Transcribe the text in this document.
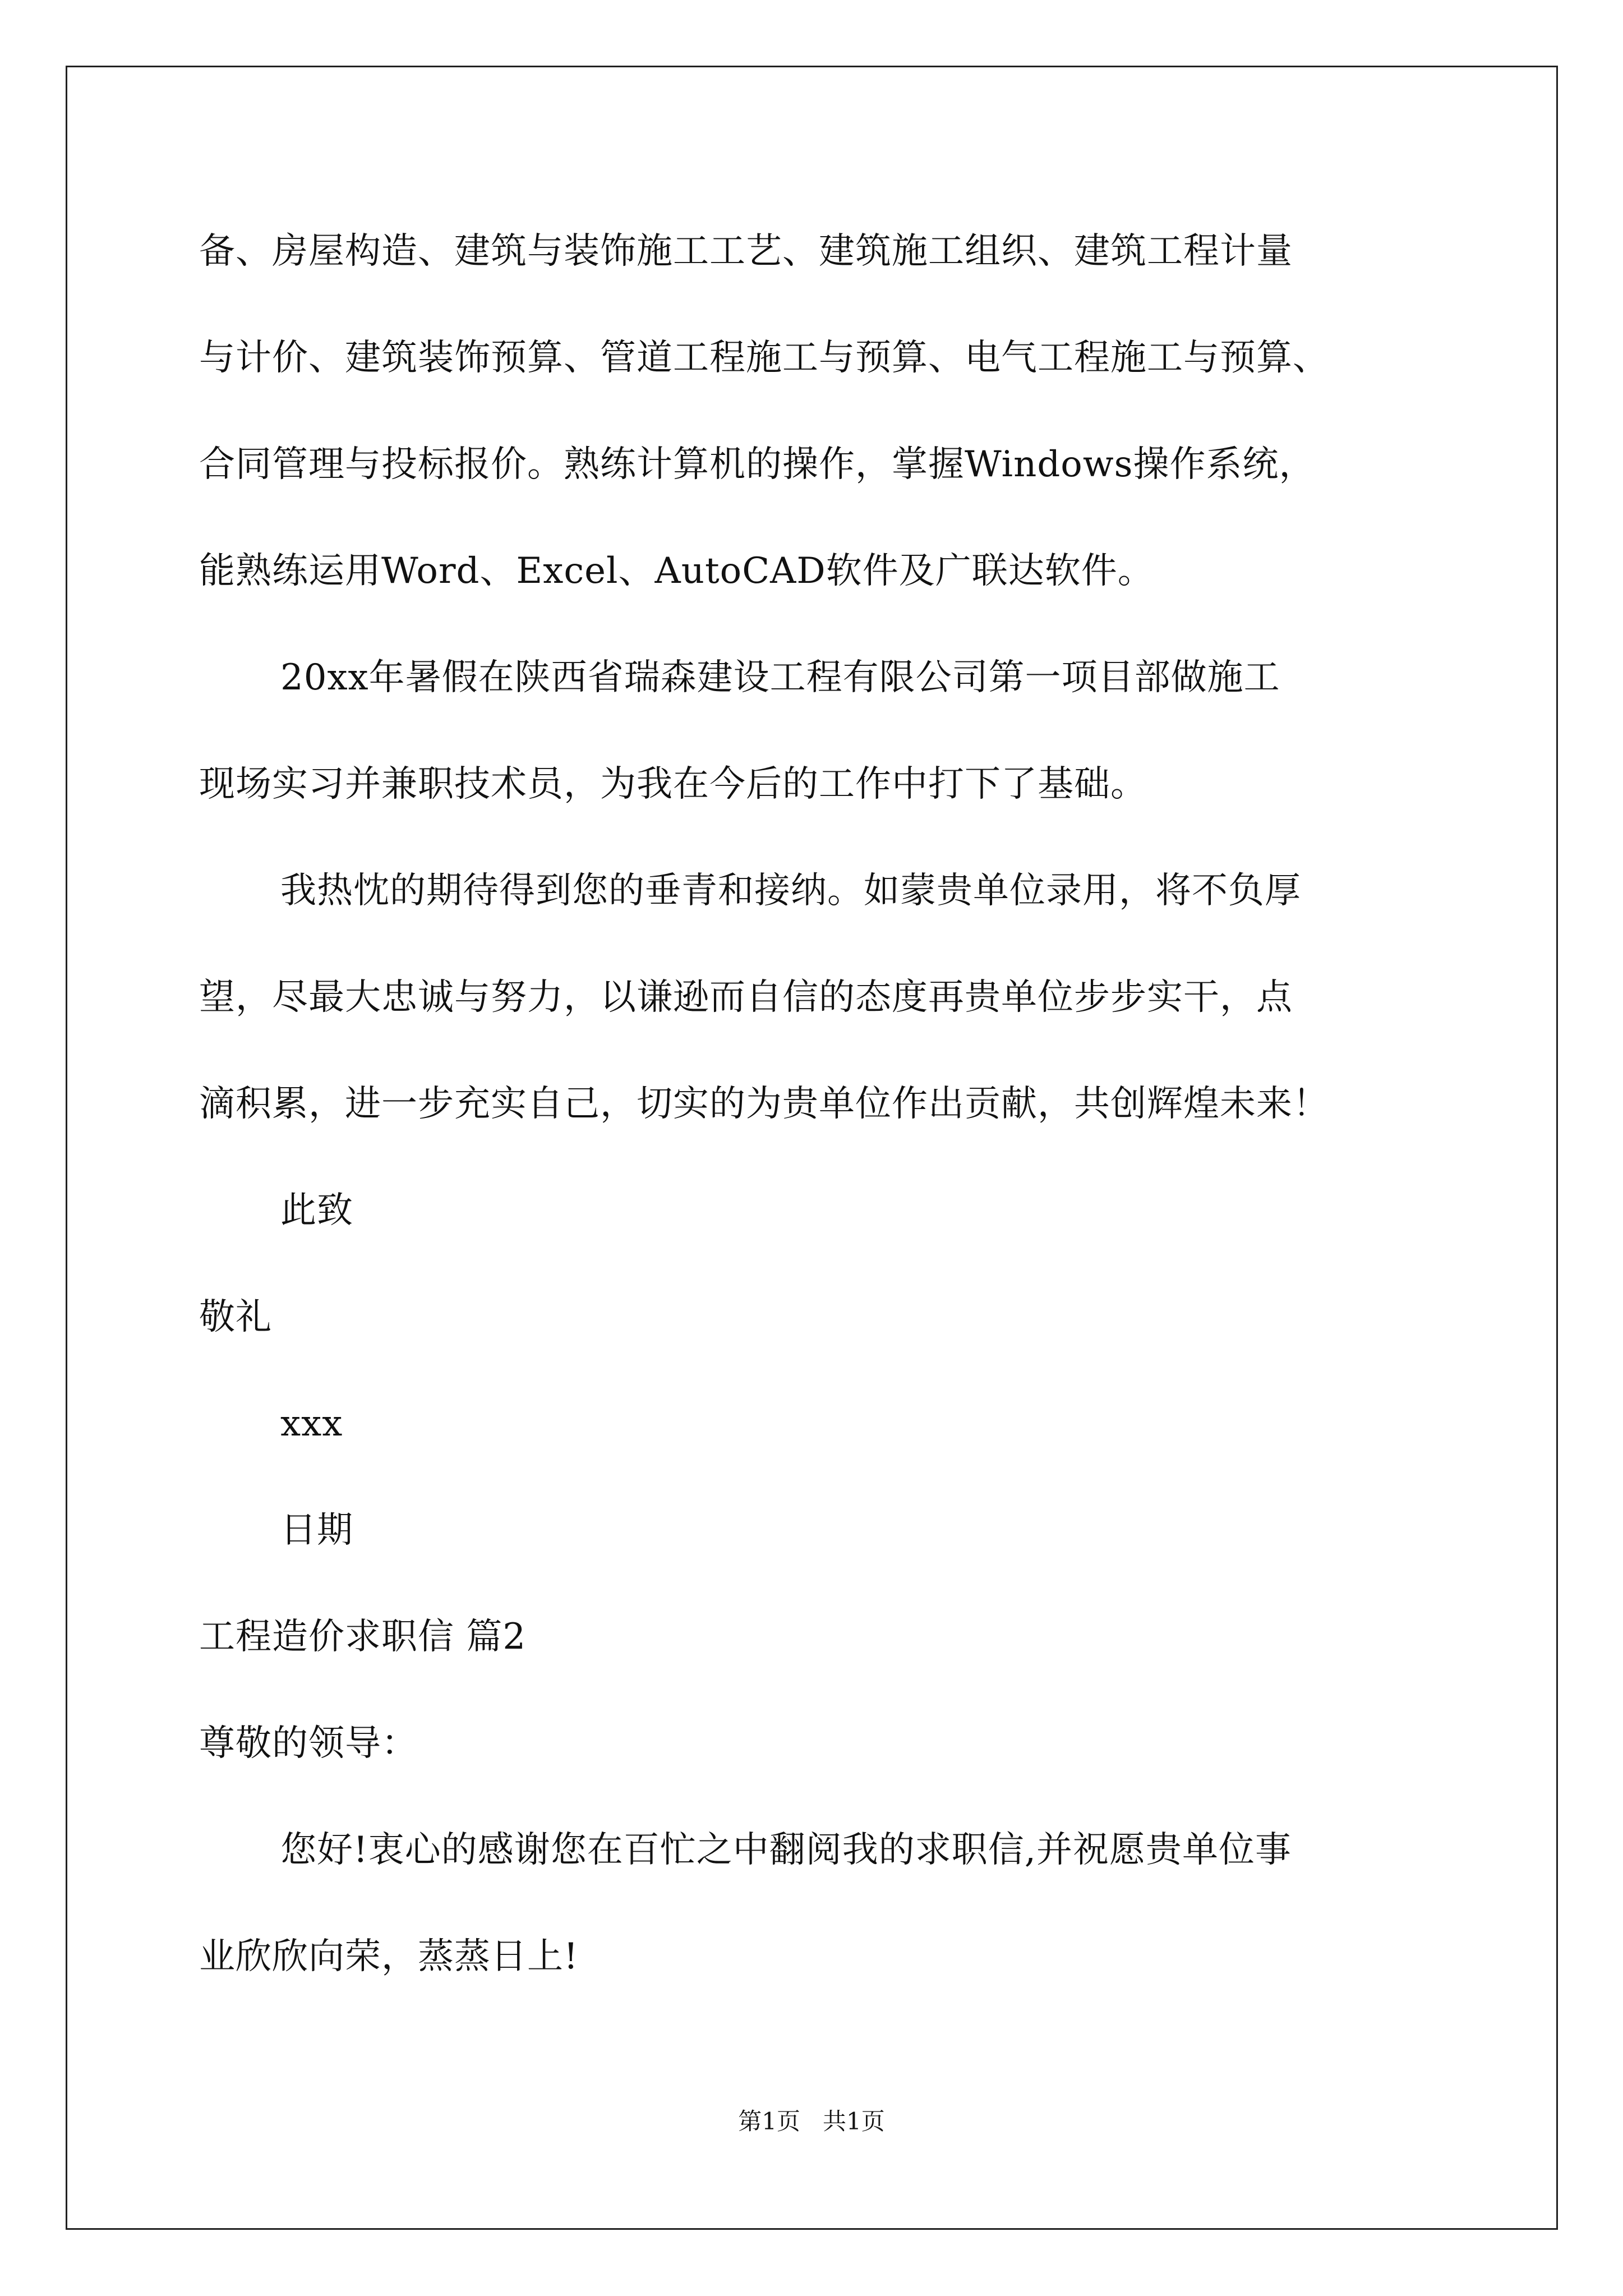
备、房屋构造、建筑与装饰施工工艺、建筑施工组织、建筑工程计量
与计价、建筑装饰预算、管道工程施工与预算、电气工程施工与预算、
合同管理与投标报价。熟练计算机的操作，掌握Windows操作系统，
能熟练运用Word、Excel、AutoCAD软件及广联达软件。
20xx年暑假在陕西省瑞森建设工程有限公司第一项目部做施工
现场实习并兼职技术员，为我在今后的工作中打下了基础。
我热忱的期待得到您的垂青和接纳。如蒙贵单位录用，将不负厚
望，尽最大忠诚与努力，以谦逊而自信的态度再贵单位步步实干，点
滴积累，进一步充实自己，切实的为贵单位作出贡献，共创辉煌未来！
此致
敬礼
xxx
日期
工程造价求职信 篇2
尊敬的领导：
您好!衷心的感谢您在百忙之中翻阅我的求职信,并祝愿贵单位事
业欣欣向荣，蒸蒸日上!
第1页   共1页
